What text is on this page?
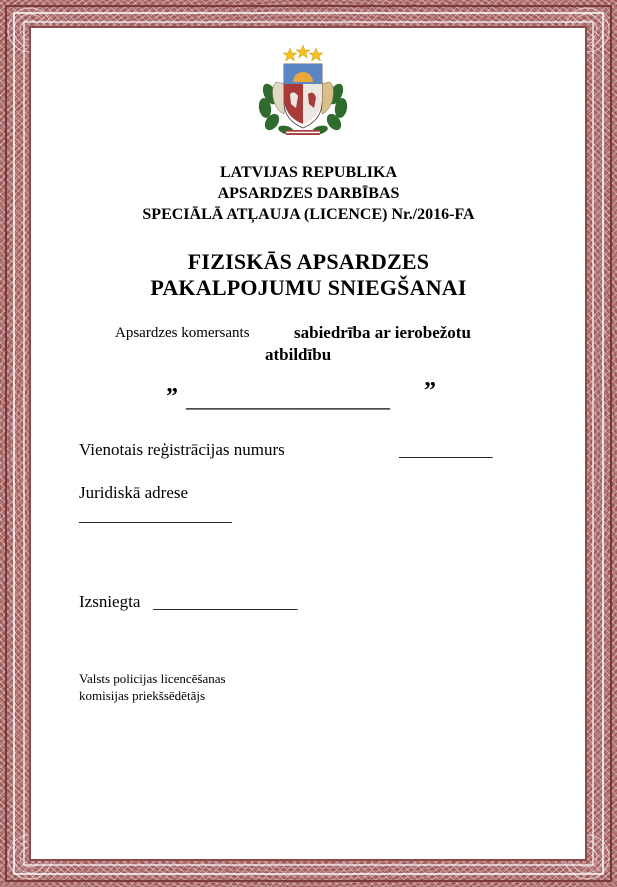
LATVIJAS REPUBLIKA
APSARDZES DARBĪBAS
SPECIĀLĀ ATĻAUJA (LICENCE) Nr./2016-FA
FIZISKĀS APSARDZES
PAKALPOJUMU SNIEGŠANAI
Apsardzes komersants	sabiedrība ar ierobežotu
atbildību
” ________________________ ”
Vienotais reģistrācijas numurs	___________
Juridiskā adrese
__________________
Izsniegta _________________
Valsts policijas licencēšanas
komisijas priekšsēdētājs
